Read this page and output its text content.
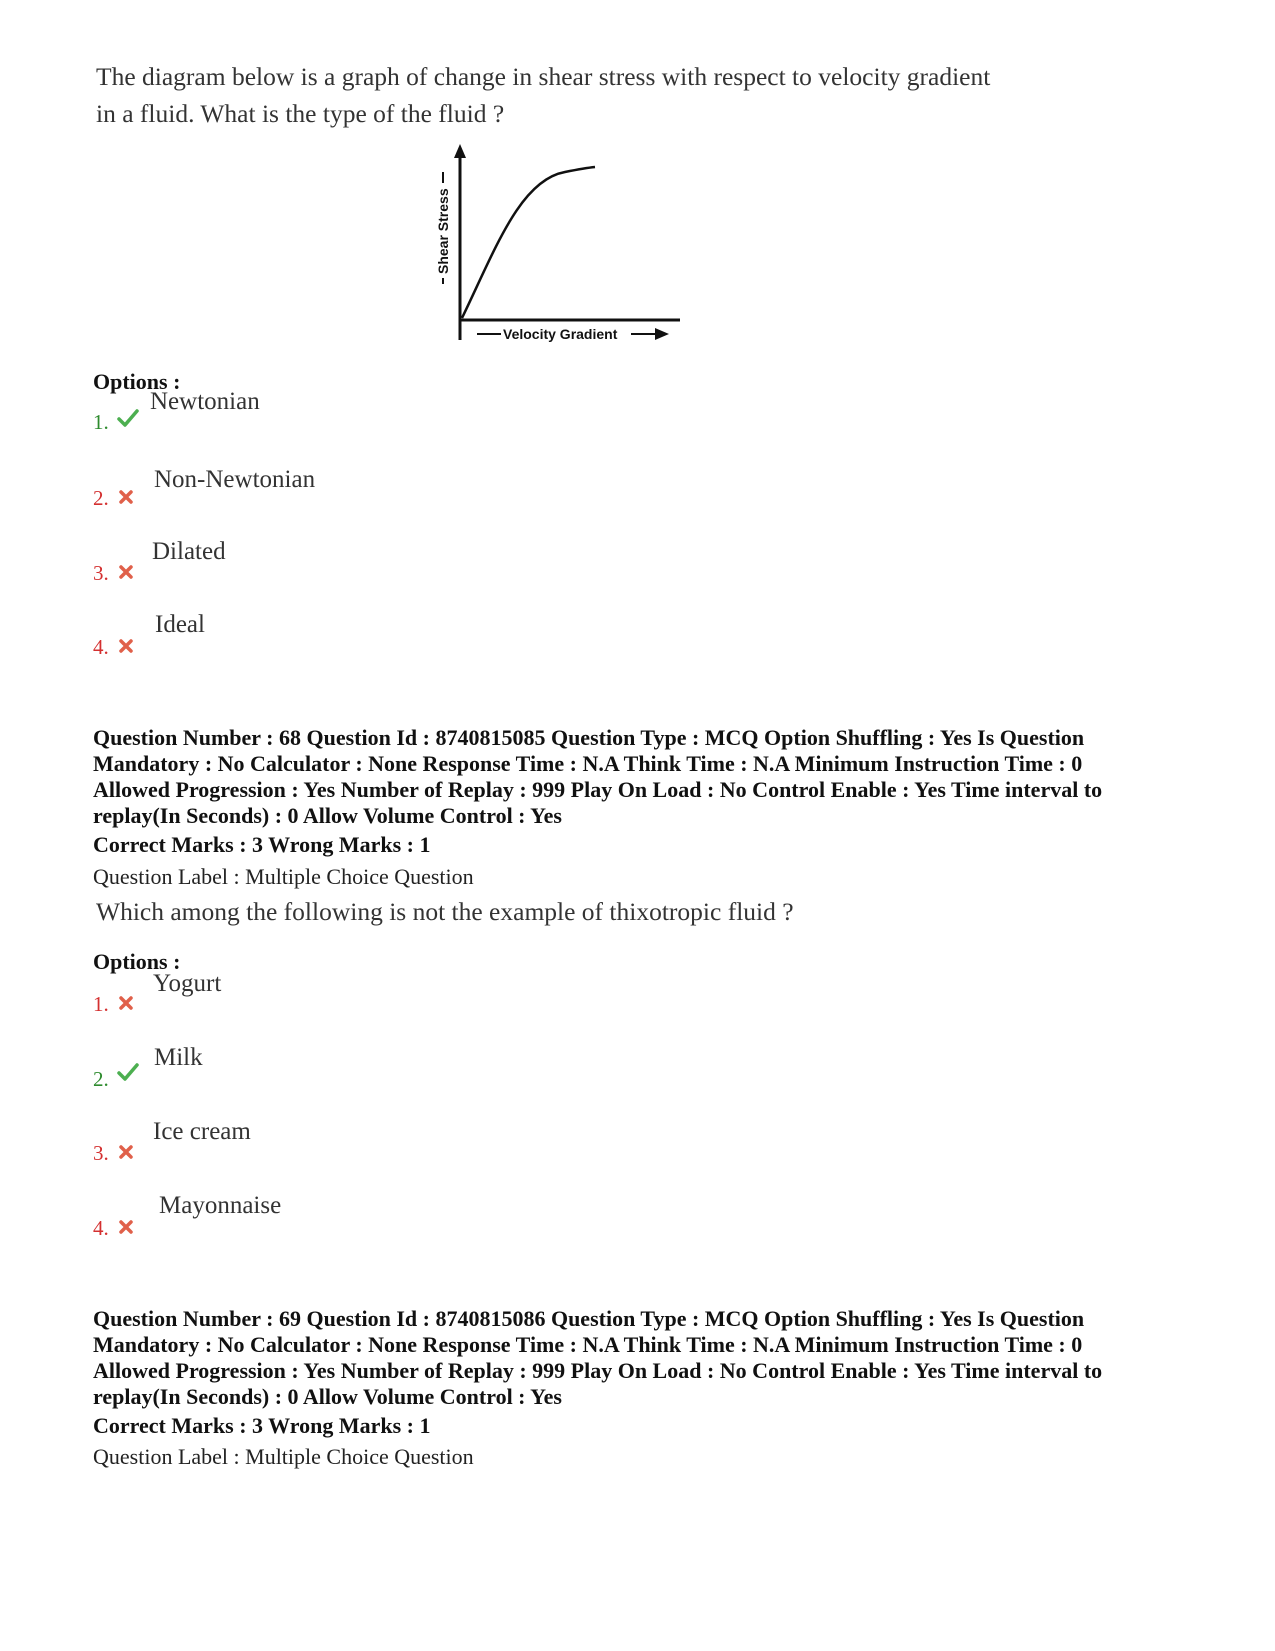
The diagram below is a graph of change in shear stress with respect to velocity gradient
in a fluid. What is the type of the fluid ?
Shear Stress
Velocity Gradient
Options :
1.
Newtonian
2.
Non-Newtonian
3.
Dilated
4.
Ideal
Question Number : 68 Question Id : 8740815085 Question Type : MCQ Option Shuffling : Yes Is Question
Mandatory : No Calculator : None Response Time : N.A Think Time : N.A Minimum Instruction Time : 0
Allowed Progression : Yes Number of Replay : 999 Play On Load : No Control Enable : Yes Time interval to
replay(In Seconds) : 0 Allow Volume Control : Yes
Correct Marks : 3 Wrong Marks : 1
Question Label : Multiple Choice Question
Which among the following is not the example of thixotropic fluid ?
Options :
1.
Yogurt
2.
Milk
3.
Ice cream
4.
Mayonnaise
Question Number : 69 Question Id : 8740815086 Question Type : MCQ Option Shuffling : Yes Is Question
Mandatory : No Calculator : None Response Time : N.A Think Time : N.A Minimum Instruction Time : 0
Allowed Progression : Yes Number of Replay : 999 Play On Load : No Control Enable : Yes Time interval to
replay(In Seconds) : 0 Allow Volume Control : Yes
Correct Marks : 3 Wrong Marks : 1
Question Label : Multiple Choice Question
